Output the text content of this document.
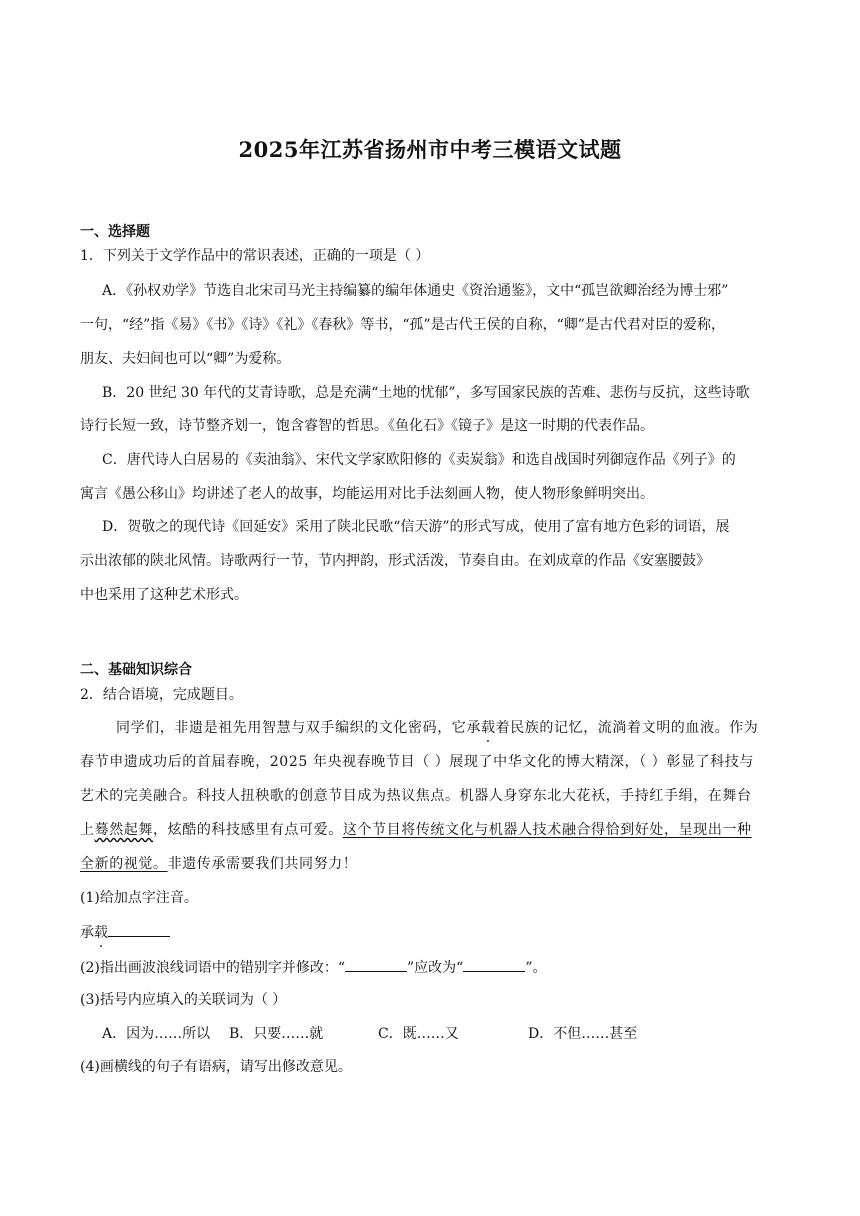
2025年江苏省扬州市中考三模语文试题
一、选择题
1．下列关于文学作品中的常识表述，正确的一项是（ ）
A．《孙权劝学》节选自北宋司马光主持编纂的编年体通史《资治通鉴》，文中“孤岂欲卿治经为博士邪”
一句，“经”指《易》《书》《诗》《礼》《春秋》等书，“孤”是古代王侯的自称，“卿”是古代君对臣的爱称，
朋友、夫妇间也可以“卿”为爱称。
B．20 世纪 30 年代的艾青诗歌，总是充满“土地的忧郁”，多写国家民族的苦难、悲伤与反抗，这些诗歌
诗行长短一致，诗节整齐划一，饱含睿智的哲思。《鱼化石》《镜子》是这一时期的代表作品。
C．唐代诗人白居易的《卖油翁》、宋代文学家欧阳修的《卖炭翁》和选自战国时列御寇作品《列子》的
寓言《愚公移山》均讲述了老人的故事，均能运用对比手法刻画人物，使人物形象鲜明突出。
D．贺敬之的现代诗《回延安》采用了陕北民歌“信天游”的形式写成，使用了富有地方色彩的词语，展
示出浓郁的陕北风情。诗歌两行一节，节内押韵，形式活泼，节奏自由。在刘成章的作品《安塞腰鼓》
中也采用了这种艺术形式。
二、基础知识综合
2．结合语境，完成题目。
同学们，非遗是祖先用智慧与双手编织的文化密码，它承载着民族的记忆，流淌着文明的血液。作为
春节申遗成功后的首届春晚，2025 年央视春晚节目（ ）展现了中华文化的博大精深，（ ）彰显了科技与
艺术的完美融合。科技人扭秧歌的创意节目成为热议焦点。机器人身穿东北大花袄，手持红手绢，在舞台
上蓦然起舞，炫酷的科技感里有点可爱。这个节目将传统文化与机器人技术融合得恰到好处，呈现出一种
全新的视觉。非遗传承需要我们共同努力！
(1)给加点字注音。
承载
(2)指出画波浪线词语中的错别字并修改：“	”应改为“	”。
(3)括号内应填入的关联词为（ ）
A．因为……所以 B．只要……就	C．既……又	D．不但……甚至
(4)画横线的句子有语病，请写出修改意见。
